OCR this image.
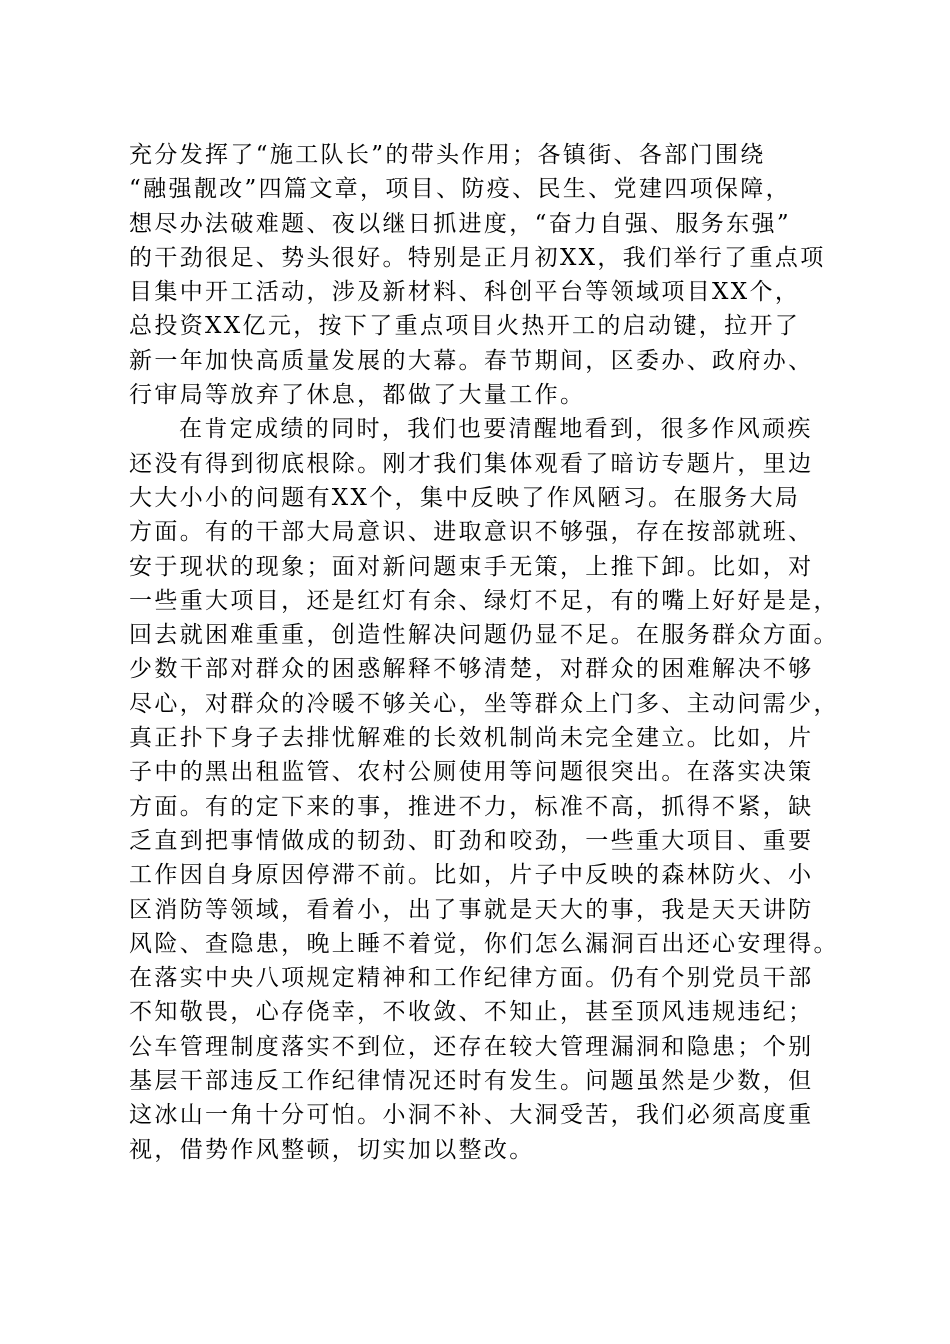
充分发挥了“施工队长”的带头作用；各镇街、各部门围绕
“融强靓改”四篇文章，项目、防疫、民生、党建四项保障，
想尽办法破难题、夜以继日抓进度，“奋力自强、服务东强”
的干劲很足、势头很好。特别是正月初XX，我们举行了重点项
目集中开工活动，涉及新材料、科创平台等领域项目XX个，
总投资XX亿元，按下了重点项目火热开工的启动键，拉开了
新一年加快高质量发展的大幕。春节期间，区委办、政府办、
行审局等放弃了休息，都做了大量工作。
在肯定成绩的同时，我们也要清醒地看到，很多作风顽疾
还没有得到彻底根除。刚才我们集体观看了暗访专题片，里边
大大小小的问题有XX个，集中反映了作风陋习。在服务大局
方面。有的干部大局意识、进取意识不够强，存在按部就班、
安于现状的现象；面对新问题束手无策，上推下卸。比如，对
一些重大项目，还是红灯有余、绿灯不足，有的嘴上好好是是，
回去就困难重重，创造性解决问题仍显不足。在服务群众方面。
少数干部对群众的困惑解释不够清楚，对群众的困难解决不够
尽心，对群众的冷暖不够关心，坐等群众上门多、主动问需少，
真正扑下身子去排忧解难的长效机制尚未完全建立。比如，片
子中的黑出租监管、农村公厕使用等问题很突出。在落实决策
方面。有的定下来的事，推进不力，标准不高，抓得不紧，缺
乏直到把事情做成的韧劲、盯劲和咬劲，一些重大项目、重要
工作因自身原因停滞不前。比如，片子中反映的森林防火、小
区消防等领域，看着小，出了事就是天大的事，我是天天讲防
风险、查隐患，晚上睡不着觉，你们怎么漏洞百出还心安理得。
在落实中央八项规定精神和工作纪律方面。仍有个别党员干部
不知敬畏，心存侥幸，不收敛、不知止，甚至顶风违规违纪；
公车管理制度落实不到位，还存在较大管理漏洞和隐患；个别
基层干部违反工作纪律情况还时有发生。问题虽然是少数，但
这冰山一角十分可怕。小洞不补、大洞受苦，我们必须高度重
视，借势作风整顿，切实加以整改。
